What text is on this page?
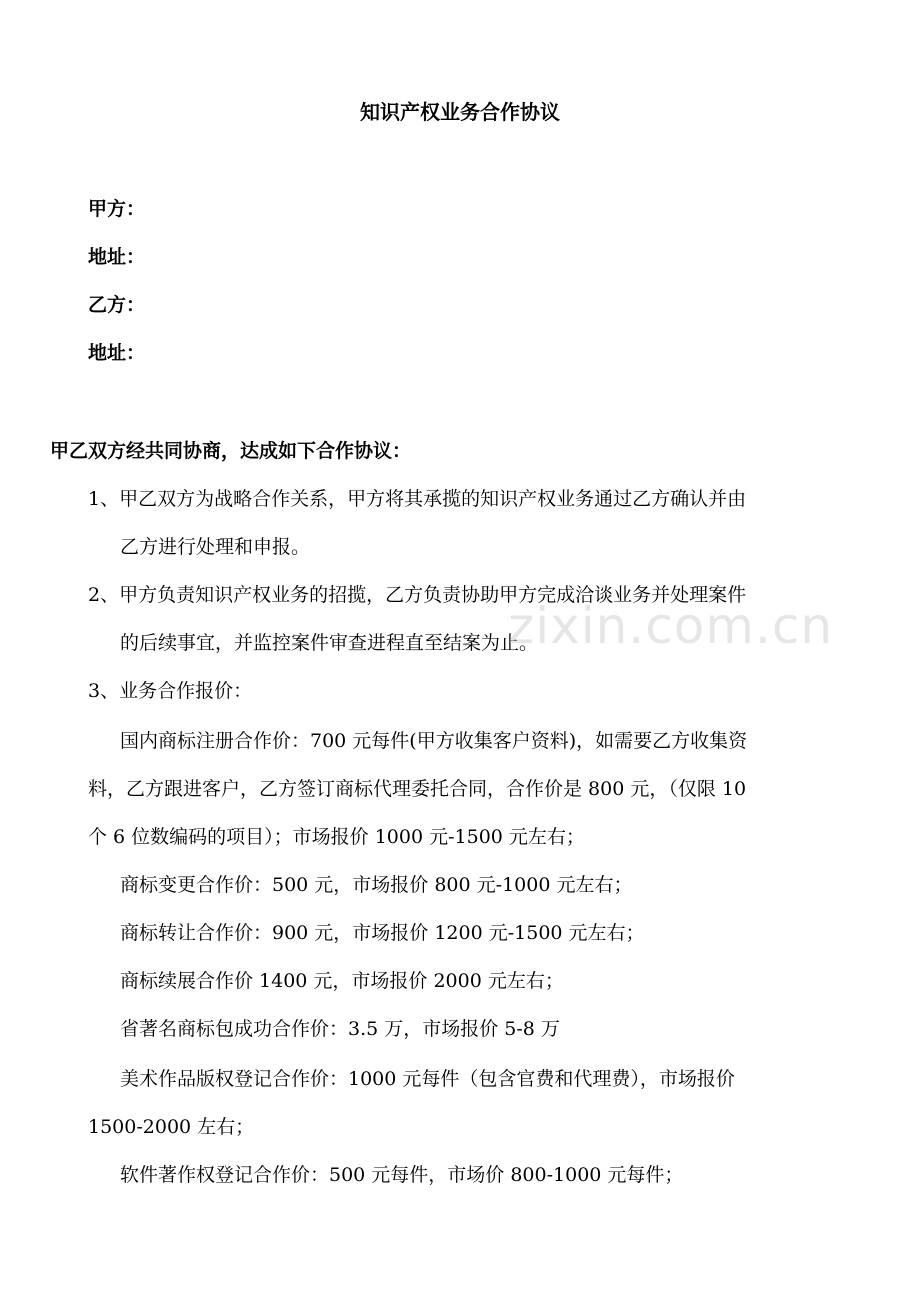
知识产权业务合作协议
甲方：
地址：
乙方：
地址：
甲乙双方经共同协商，达成如下合作协议：
1、甲乙双方为战略合作关系，甲方将其承揽的知识产权业务通过乙方确认并由
乙方进行处理和申报。
2、甲方负责知识产权业务的招揽，乙方负责协助甲方完成洽谈业务并处理案件
的后续事宜，并监控案件审查进程直至结案为止。
3、业务合作报价：
国内商标注册合作价：700 元每件(甲方收集客户资料)，如需要乙方收集资
料，乙方跟进客户，乙方签订商标代理委托合同，合作价是 800 元，（仅限 10
个 6 位数编码的项目）；市场报价 1000 元-1500 元左右；
商标变更合作价：500 元，市场报价 800 元-1000 元左右；
商标转让合作价：900 元，市场报价 1200 元-1500 元左右；
商标续展合作价 1400 元，市场报价 2000 元左右；
省著名商标包成功合作价：3.5 万，市场报价 5-8 万
美术作品版权登记合作价：1000 元每件（包含官费和代理费），市场报价
1500-2000 左右；
软件著作权登记合作价：500 元每件，市场价 800-1000 元每件；
zixin.com.cn
